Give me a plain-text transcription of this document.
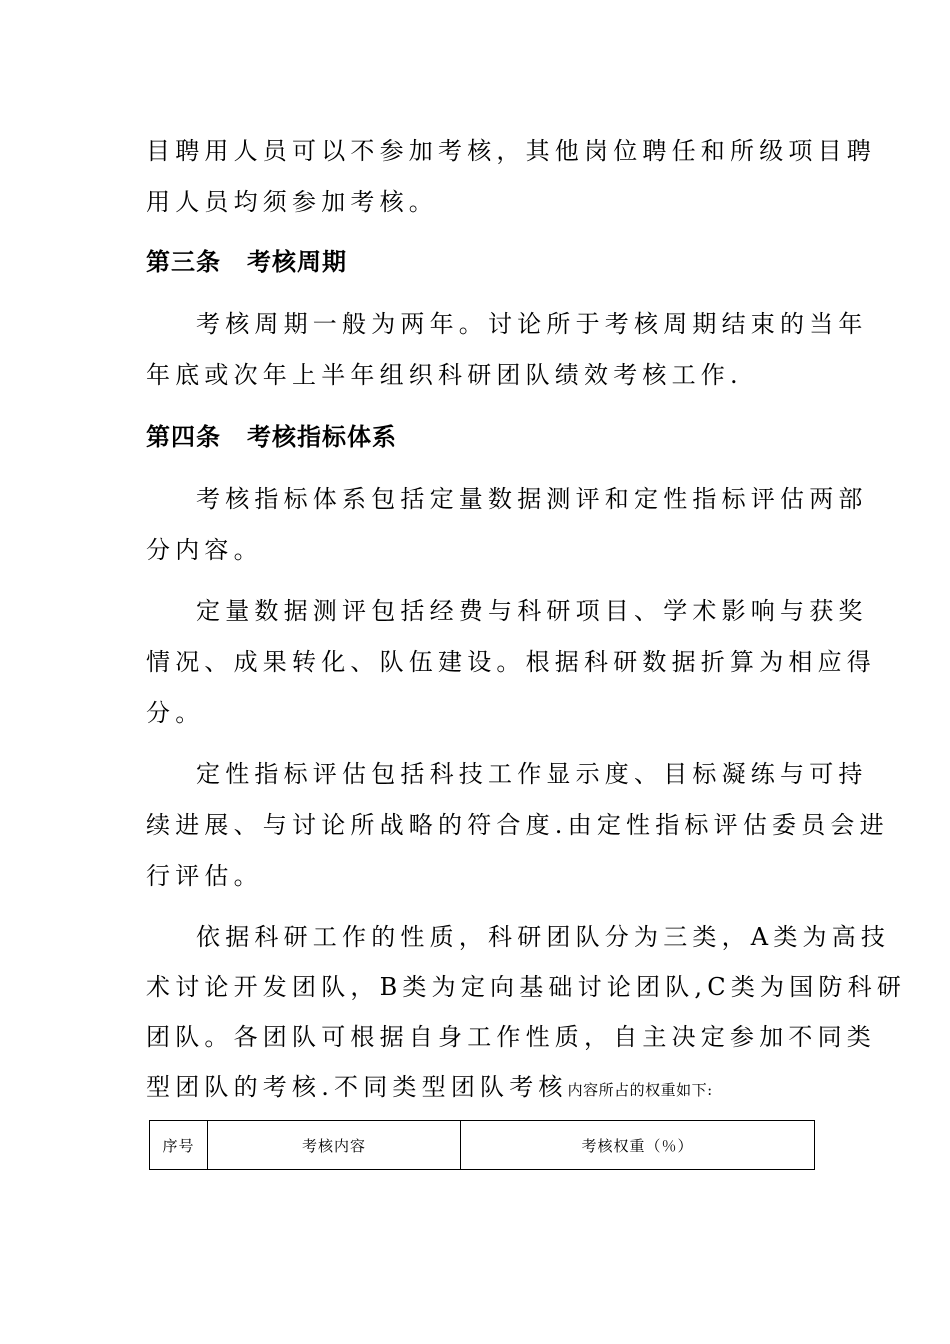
目聘用人员可以不参加考核，其他岗位聘任和所级项目聘
用人员均须参加考核。
第三条 考核周期
考核周期一般为两年。讨论所于考核周期结束的当年
年底或次年上半年组织科研团队绩效考核工作.
第四条 考核指标体系
考核指标体系包括定量数据测评和定性指标评估两部
分内容。
定量数据测评包括经费与科研项目、学术影响与获奖
情况、成果转化、队伍建设。根据科研数据折算为相应得
分。
定性指标评估包括科技工作显示度、目标凝练与可持
续进展、与讨论所战略的符合度.由定性指标评估委员会进
行评估。
依据科研工作的性质，科研团队分为三类，A类为高技
术讨论开发团队，B类为定向基础讨论团队,C类为国防科研
团队。各团队可根据自身工作性质，自主决定参加不同类
型团队的考核.不同类型团队考核内容所占的权重如下:
序号	考核内容	考核权重（％）
